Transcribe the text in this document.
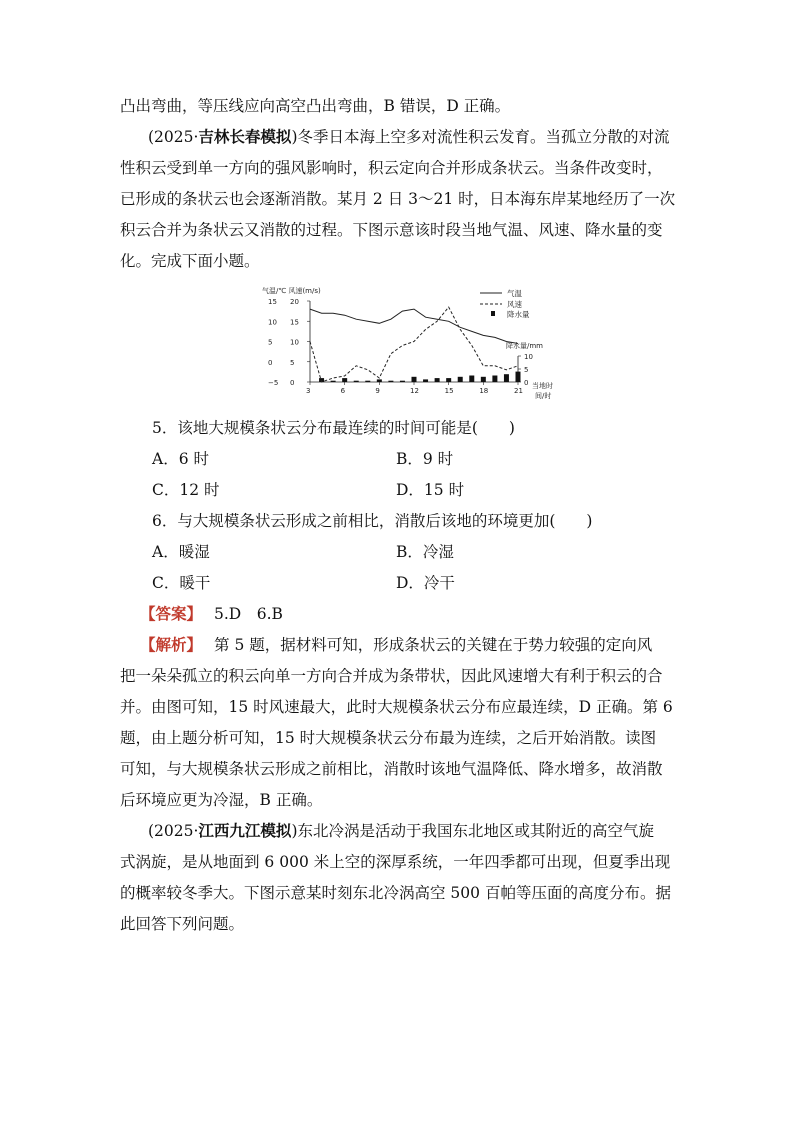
凸出弯曲，等压线应向高空凸出弯曲，B 错误，D 正确。
(2025·吉林长春模拟)冬季日本海上空多对流性积云发育。当孤立分散的对流
性积云受到单一方向的强风影响时，积云定向合并形成条状云。当条件改变时，
已形成的条状云也会逐渐消散。某月 2 日 3～21 时，日本海东岸某地经历了一次
积云合并为条状云又消散的过程。下图示意该时段当地气温、风速、降水量的变
化。完成下面小题。
气温/℃ 风速(m/s)	气温
风速
降水量
降水量/mm
当地时
间/时
15 20
10 15
5	10
0	5
−5 0
10
5
0
3	6	9	12	15	18	21
5．该地大规模条状云分布最连续的时间可能是(　　)
A．6 时	B．9 时
C．12 时	D．15 时
6．与大规模条状云形成之前相比，消散后该地的环境更加(　　)
A．暖湿	B．冷湿
C．暖干	D．冷干
【答案】 5.D　6.B
【解析】 第 5 题，据材料可知，形成条状云的关键在于势力较强的定向风
把一朵朵孤立的积云向单一方向合并成为条带状，因此风速增大有利于积云的合
并。由图可知，15 时风速最大，此时大规模条状云分布应最连续，D 正确。第 6
题，由上题分析可知，15 时大规模条状云分布最为连续，之后开始消散。读图
可知，与大规模条状云形成之前相比，消散时该地气温降低、降水增多，故消散
后环境应更为冷湿，B 正确。
(2025·江西九江模拟)东北冷涡是活动于我国东北地区或其附近的高空气旋
式涡旋，是从地面到 6 000 米上空的深厚系统，一年四季都可出现，但夏季出现
的概率较冬季大。下图示意某时刻东北冷涡高空 500 百帕等压面的高度分布。据
此回答下列问题。
